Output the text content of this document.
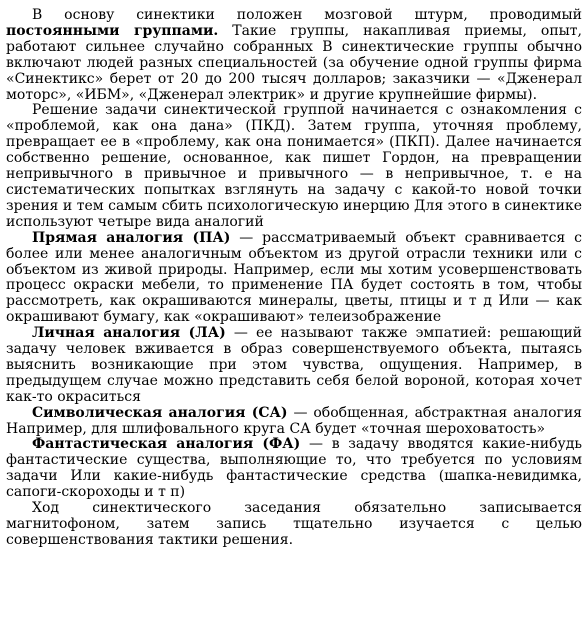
В основу синектики положен мозговой штурм, проводимый постоянными группами. Такие группы, накапливая приемы, опыт, работают сильнее случайно собранных В синектические группы обычно включают людей разных специальностей (за обучение одной группы фирма «Синектикс» берет от 20 до 200 тысяч долларов; заказчики — «Дженерал моторс», «ИБМ», «Дженерал электрик» и другие крупнейшие фирмы).

Решение задачи синектической группой начинается с ознакомления с «проблемой, как она дана» (ПКД). Затем группа, уточняя проблему, превращает ее в «проблему, как она понимается» (ПКП). Далее начинается собственно решение, основанное, как пишет Гордон, на превращении непривычного в привычное и привычного — в непривычное, т. е на систематических попытках взглянуть на задачу с какой-то новой точки зрения и тем самым сбить психологическую инерцию Для этого в синектике используют четыре вида аналогий

Прямая аналогия (ПА) — рассматриваемый объект сравнивается с более или менее аналогичным объектом из другой отрасли техники или с объектом из живой природы. Например, если мы хотим усовершенствовать процесс окраски мебели, то применение ПА будет состоять в том, чтобы рассмотреть, как окрашиваются минералы, цветы, птицы и т д Или — как окрашивают бумагу, как «окрашивают» телеизображение

Личная аналогия (ЛА) — ее называют также эмпатией: решающий задачу человек вживается в образ совершенствуемого объекта, пытаясь выяснить возникающие при этом чувства, ощущения. Например, в предыдущем случае можно представить себя белой вороной, которая хочет как-то окраситься

Символическая аналогия (СА) — обобщенная, абстрактная аналогия Например, для шлифовального круга СА будет «точная шероховатость»

Фантастическая аналогия (ФА) — в задачу вводятся какие-нибудь фантастические существа, выполняющие то, что требуется по условиям задачи Или какие-нибудь фантастические средства (шапка-невидимка, сапоги-скороходы и т п)

Ход синектического заседания обязательно записывается магнитофоном, затем запись тщательно изучается с целью совершенствования тактики решения.
